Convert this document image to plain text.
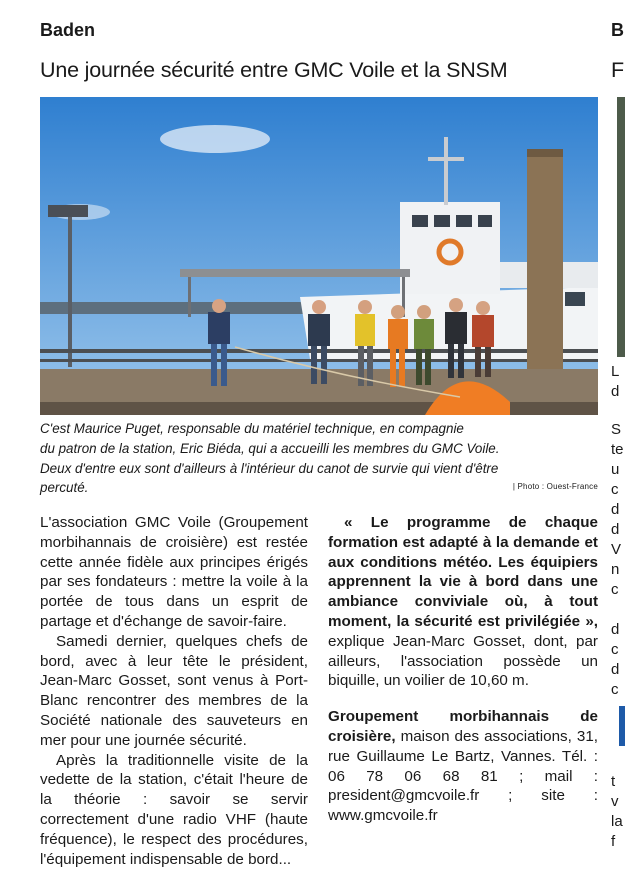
Baden	B
Une journée sécurité entre GMC Voile et la SNSM	F
C'est Maurice Puget, responsable du matériel technique, en compagnie
du patron de la station, Eric Biéda, qui a accueilli les membres du GMC Voile.
Deux d'entre eux sont d'ailleurs à l'intérieur du canot de survie qui vient d'être
percuté.	| Photo : Ouest-France

L'association GMC Voile (Groupement morbihannais de croisière) est restée cette année fidèle aux principes érigés par ses fondateurs : mettre la voile à la portée de tous dans un esprit de partage et d'échange de savoir-faire.

Samedi dernier, quelques chefs de bord, avec à leur tête le président, Jean-Marc Gosset, sont venus à Port-Blanc rencontrer des membres de la Société nationale des sauveteurs en mer pour une journée sécurité.

Après la traditionnelle visite de la vedette de la station, c'était l'heure de la théorie : savoir se servir correctement d'une radio VHF (haute fréquence), le respect des procédures, l'équipement indispensable de bord...

« Le programme de chaque formation est adapté à la demande et aux conditions météo. Les équipiers apprennent la vie à bord dans une ambiance conviviale où, à tout moment, la sécurité est privilégiée », explique Jean-Marc Gosset, dont, par ailleurs, l'association possède un biquille, un voilier de 10,60 m.

Groupement morbihannais de croisière, maison des associations, 31, rue Guillaume Le Bartz, Vannes. Tél. : 06 78 06 68 81 ; mail : president@gmcvoile.fr ; site : www.gmcvoile.fr

L
d
S
te
u
c
d
d
V
n
c
d
c
d
c
t
v
la
f
